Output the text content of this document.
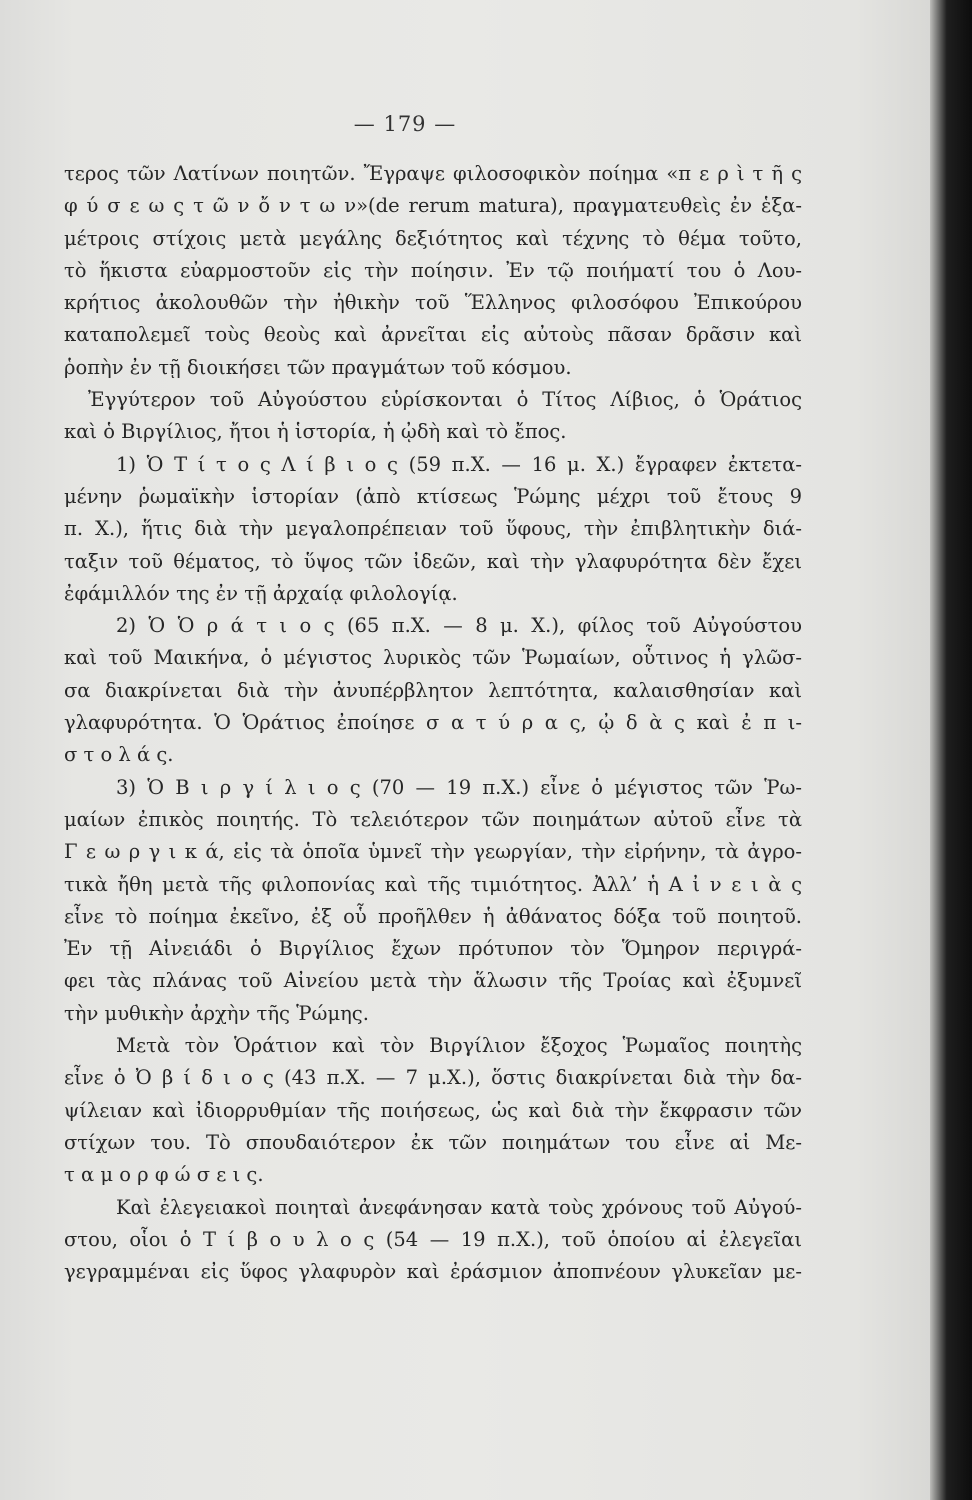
— 179 —
τερος τῶν Λατίνων ποιητῶν. Ἔγραψε φιλοσοφικὸν ποίημα «π ε ρ ὶ τ ῆ ς
φ ύ σ ε ω ς τ ῶ ν ὄ ν τ ω ν»(de rerum matura), πραγματευθεὶς ἐν ἑξα-
μέτροις στίχοις μετὰ μεγάλης δεξιότητος καὶ τέχνης τὸ θέμα τοῦτο,
τὸ ἥκιστα εὐαρμοστοῦν εἰς τὴν ποίησιν. Ἐν τῷ ποιήματί του ὁ Λου-
κρήτιος ἀκολουθῶν τὴν ἠθικὴν τοῦ Ἕλληνος φιλοσόφου Ἐπικούρου
καταπολεμεῖ τοὺς θεοὺς καὶ ἀρνεῖται εἰς αὐτοὺς πᾶσαν δρᾶσιν καὶ
ῥοπὴν ἐν τῇ διοικήσει τῶν πραγμάτων τοῦ κόσμου.
Ἐγγύτερον τοῦ Αὐγούστου εὑρίσκονται ὁ Τίτος Λίβιος, ὁ Ὁράτιος
καὶ ὁ Βιργίλιος, ἤτοι ἡ ἱστορία, ἡ ᾠδὴ καὶ τὸ ἔπος.
1) Ὁ Τ ί τ ο ς Λ ί β ι ο ς (59 π.Χ. — 16 μ. Χ.) ἔγραφεν ἐκτετα-
μένην ῥωμαϊκὴν ἱστορίαν (ἀπὸ κτίσεως Ῥώμης μέχρι τοῦ ἔτους 9
π. Χ.), ἥτις διὰ τὴν μεγαλοπρέπειαν τοῦ ὕφους, τὴν ἐπιβλητικὴν διά-
ταξιν τοῦ θέματος, τὸ ὕψος τῶν ἰδεῶν, καὶ τὴν γλαφυρότητα δὲν ἔχει
ἐφάμιλλόν της ἐν τῇ ἀρχαίᾳ φιλολογίᾳ.
2) Ὁ Ὁ ρ ά τ ι ο ς (65 π.Χ. — 8 μ. Χ.), φίλος τοῦ Αὐγούστου
καὶ τοῦ Μαικήνα, ὁ μέγιστος λυρικὸς τῶν Ῥωμαίων, οὗτινος ἡ γλῶσ-
σα διακρίνεται διὰ τὴν ἀνυπέρβλητον λεπτότητα, καλαισθησίαν καὶ
γλαφυρότητα. Ὁ Ὁράτιος ἐποίησε σ α τ ύ ρ α ς, ᾠ δ ὰ ς καὶ ἐ π ι-
σ τ ο λ ά ς.
3) Ὁ Β ι ρ γ ί λ ι ο ς (70 — 19 π.Χ.) εἶνε ὁ μέγιστος τῶν Ῥω-
μαίων ἐπικὸς ποιητής. Τὸ τελειότερον τῶν ποιημάτων αὐτοῦ εἶνε τὰ
Γ ε ω ρ γ ι κ ά, εἰς τὰ ὁποῖα ὑμνεῖ τὴν γεωργίαν, τὴν εἰρήνην, τὰ ἀγρο-
τικὰ ἤθη μετὰ τῆς φιλοπονίας καὶ τῆς τιμιότητος. Ἀλλ’ ἡ Α ἰ ν ε ι ὰ ς
εἶνε τὸ ποίημα ἐκεῖνο, ἐξ οὗ προῆλθεν ἡ ἀθάνατος δόξα τοῦ ποιητοῦ.
Ἐν τῇ Αἰνειάδι ὁ Βιργίλιος ἔχων πρότυπον τὸν Ὅμηρον περιγρά-
φει τὰς πλάνας τοῦ Αἰνείου μετὰ τὴν ἅλωσιν τῆς Τροίας καὶ ἐξυμνεῖ
τὴν μυθικὴν ἀρχὴν τῆς Ῥώμης.
Μετὰ τὸν Ὁράτιον καὶ τὸν Βιργίλιον ἔξοχος Ῥωμαῖος ποιητὴς
εἶνε ὁ Ὀ β ί δ ι ο ς (43 π.Χ. — 7 μ.Χ.), ὅστις διακρίνεται διὰ τὴν δα-
ψίλειαν καὶ ἰδιορρυθμίαν τῆς ποιήσεως, ὡς καὶ διὰ τὴν ἔκφρασιν τῶν
στίχων του. Τὸ σπουδαιότερον ἐκ τῶν ποιημάτων του εἶνε αἱ Με-
τ α μ ο ρ φ ώ σ ε ι ς.
Καὶ ἐλεγειακοὶ ποιηταὶ ἀνεφάνησαν κατὰ τοὺς χρόνους τοῦ Αὐγού-
στου, οἷοι ὁ Τ ί β ο υ λ ο ς (54 — 19 π.Χ.), τοῦ ὁποίου αἱ ἐλεγεῖαι
γεγραμμέναι εἰς ὕφος γλαφυρὸν καὶ ἐράσμιον ἀποπνέουν γλυκεῖαν με-
